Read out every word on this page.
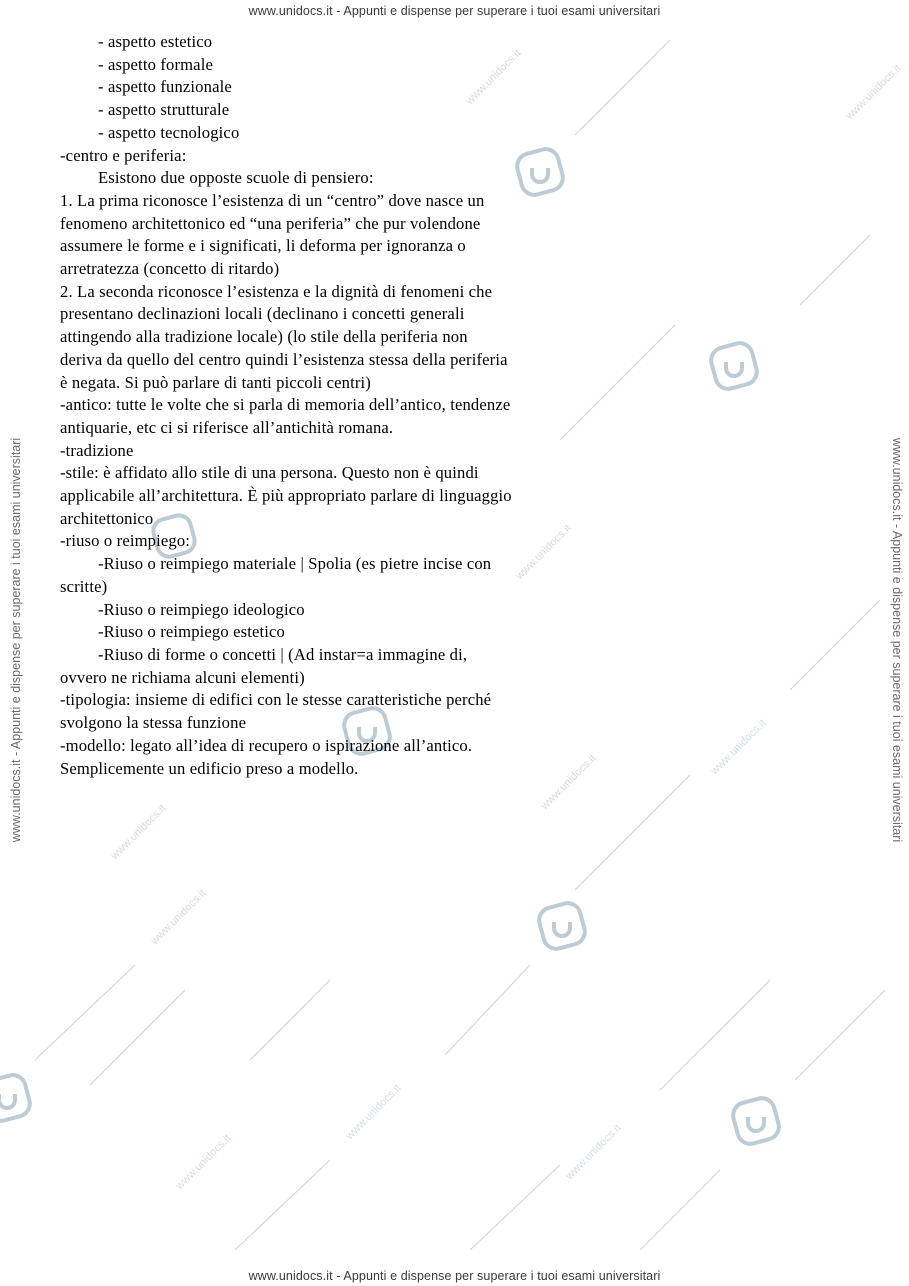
www.unidocs.it
www.unidocs.it
www.unidocs.it
www.unidocs.it
www.unidocs.it
www.unidocs.it
www.unidocs.it
www.unidocs.it
www.unidocs.it
www.unidocs.it
www.unidocs.it - Appunti e dispense per superare i tuoi esami universitari
www.unidocs.it - Appunti e dispense per superare i tuoi esami universitari
www.unidocs.it - Appunti e dispense per superare i tuoi esami universitari	www.unidocs.it - Appunti e dispense per superare i tuoi esami universitari
- aspetto estetico
- aspetto formale
- aspetto funzionale
- aspetto strutturale
- aspetto tecnologico
-centro e periferia:
Esistono due opposte scuole di pensiero:
1. La prima riconosce l’esistenza di un “centro” dove nasce un
fenomeno architettonico ed “una periferia” che pur volendone
assumere le forme e i significati, li deforma per ignoranza o
arretratezza (concetto di ritardo)
2. La seconda riconosce l’esistenza e la dignità di fenomeni che
presentano declinazioni locali (declinano i concetti generali
attingendo alla tradizione locale) (lo stile della periferia non
deriva da quello del centro quindi l’esistenza stessa della periferia
è negata. Si può parlare di tanti piccoli centri)
-antico: tutte le volte che si parla di memoria dell’antico, tendenze
antiquarie, etc ci si riferisce all’antichità romana.
-tradizione
-stile: è affidato allo stile di una persona. Questo non è quindi
applicabile all’architettura. È più appropriato parlare di linguaggio
architettonico
-riuso o reimpiego:
-Riuso o reimpiego materiale | Spolia (es pietre incise con
scritte)
-Riuso o reimpiego ideologico
-Riuso o reimpiego estetico
-Riuso di forme o concetti | (Ad instar=a immagine di,
ovvero ne richiama alcuni elementi)
-tipologia: insieme di edifici con le stesse caratteristiche perché
svolgono la stessa funzione
-modello: legato all’idea di recupero o ispirazione all’antico.
Semplicemente un edificio preso a modello.
